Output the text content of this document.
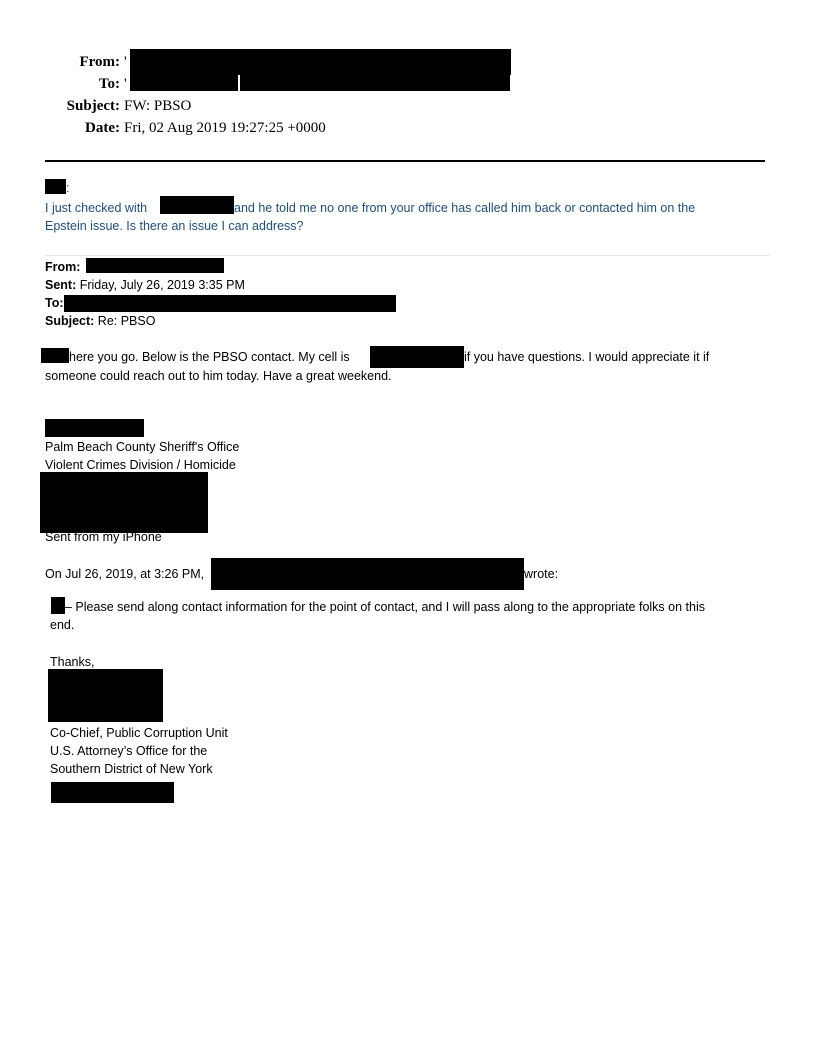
From: '
To: '
Subject: FW: PBSO
Date: Fri, 02 Aug 2019 19:27:25 +0000
:
I just checked with	and he told me no one from your office has called him back or contacted him on the
Epstein issue. Is there an issue I can address?
From:
Sent: Friday, July 26, 2019 3:35 PM
To:
Subject: Re: PBSO
here you go. Below is the PBSO contact. My cell is	if you have questions. I would appreciate it if
someone could reach out to him today. Have a great weekend.
Palm Beach County Sheriff's Office
Violent Crimes Division / Homicide
Sent from my iPhone
On Jul 26, 2019, at 3:26 PM,	wrote:
– Please send along contact information for the point of contact, and I will pass along to the appropriate folks on this
end.
Thanks,
Co-Chief, Public Corruption Unit
U.S. Attorney’s Office for the
Southern District of New York
